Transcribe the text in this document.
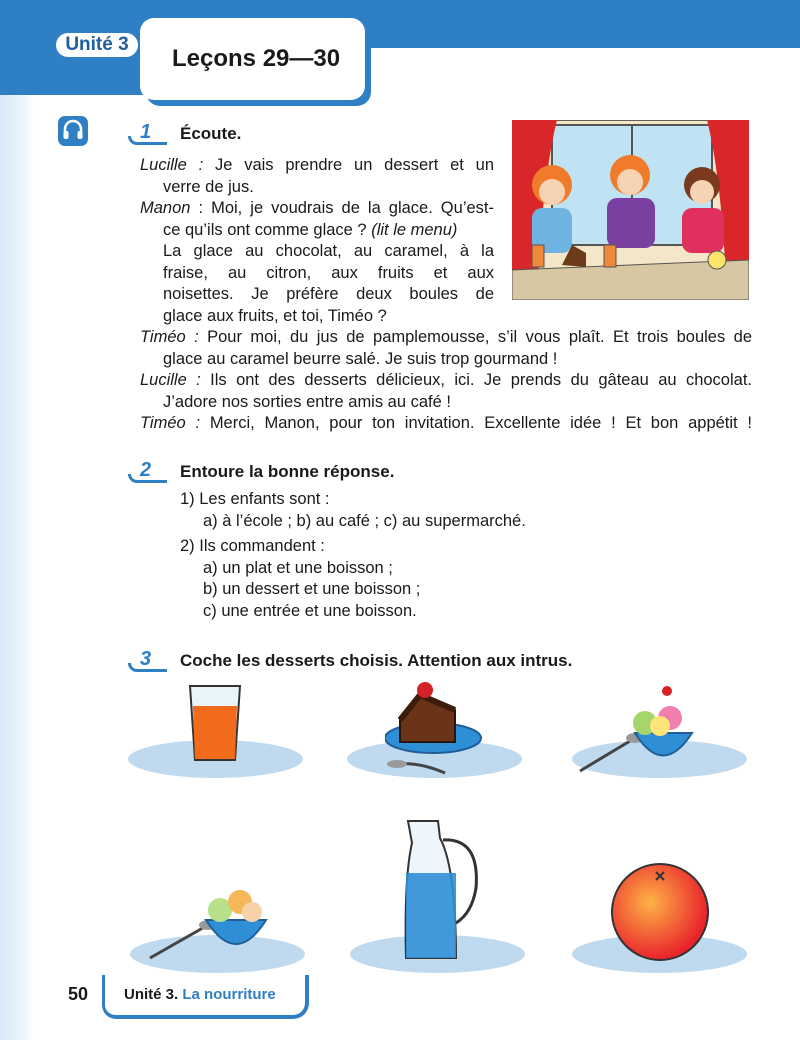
Unité 3
Leçons 29—30
1 Écoute.
Lucille : Je vais prendre un dessert et un
verre de jus.
Manon : Moi, je voudrais de la glace. Qu’est-
ce qu’ils ont comme glace ? (lit le menu)
La glace au chocolat, au caramel, à la
fraise, au citron, aux fruits et aux
noisettes. Je préfère deux boules de
glace aux fruits, et toi, Timéo ?
Timéo : Pour moi, du jus de pamplemousse, s’il vous plaît. Et trois boules de
glace au caramel beurre salé. Je suis trop gourmand !
Lucille : Ils ont des desserts délicieux, ici. Je prends du gâteau au chocolat.
J’adore nos sorties entre amis au café !
Timéo : Merci, Manon, pour ton invitation. Excellente idée ! Et bon appétit !
2 Entoure la bonne réponse.
1) Les enfants sont :
a) à l’école ; b) au café ; c) au supermarché.
2) Ils commandent :
a) un plat et une boisson ;
b) un dessert et une boisson ;
c) une entrée et une boisson.
3 Coche les desserts choisis. Attention aux intrus.
50 Unité 3. La nourriture
